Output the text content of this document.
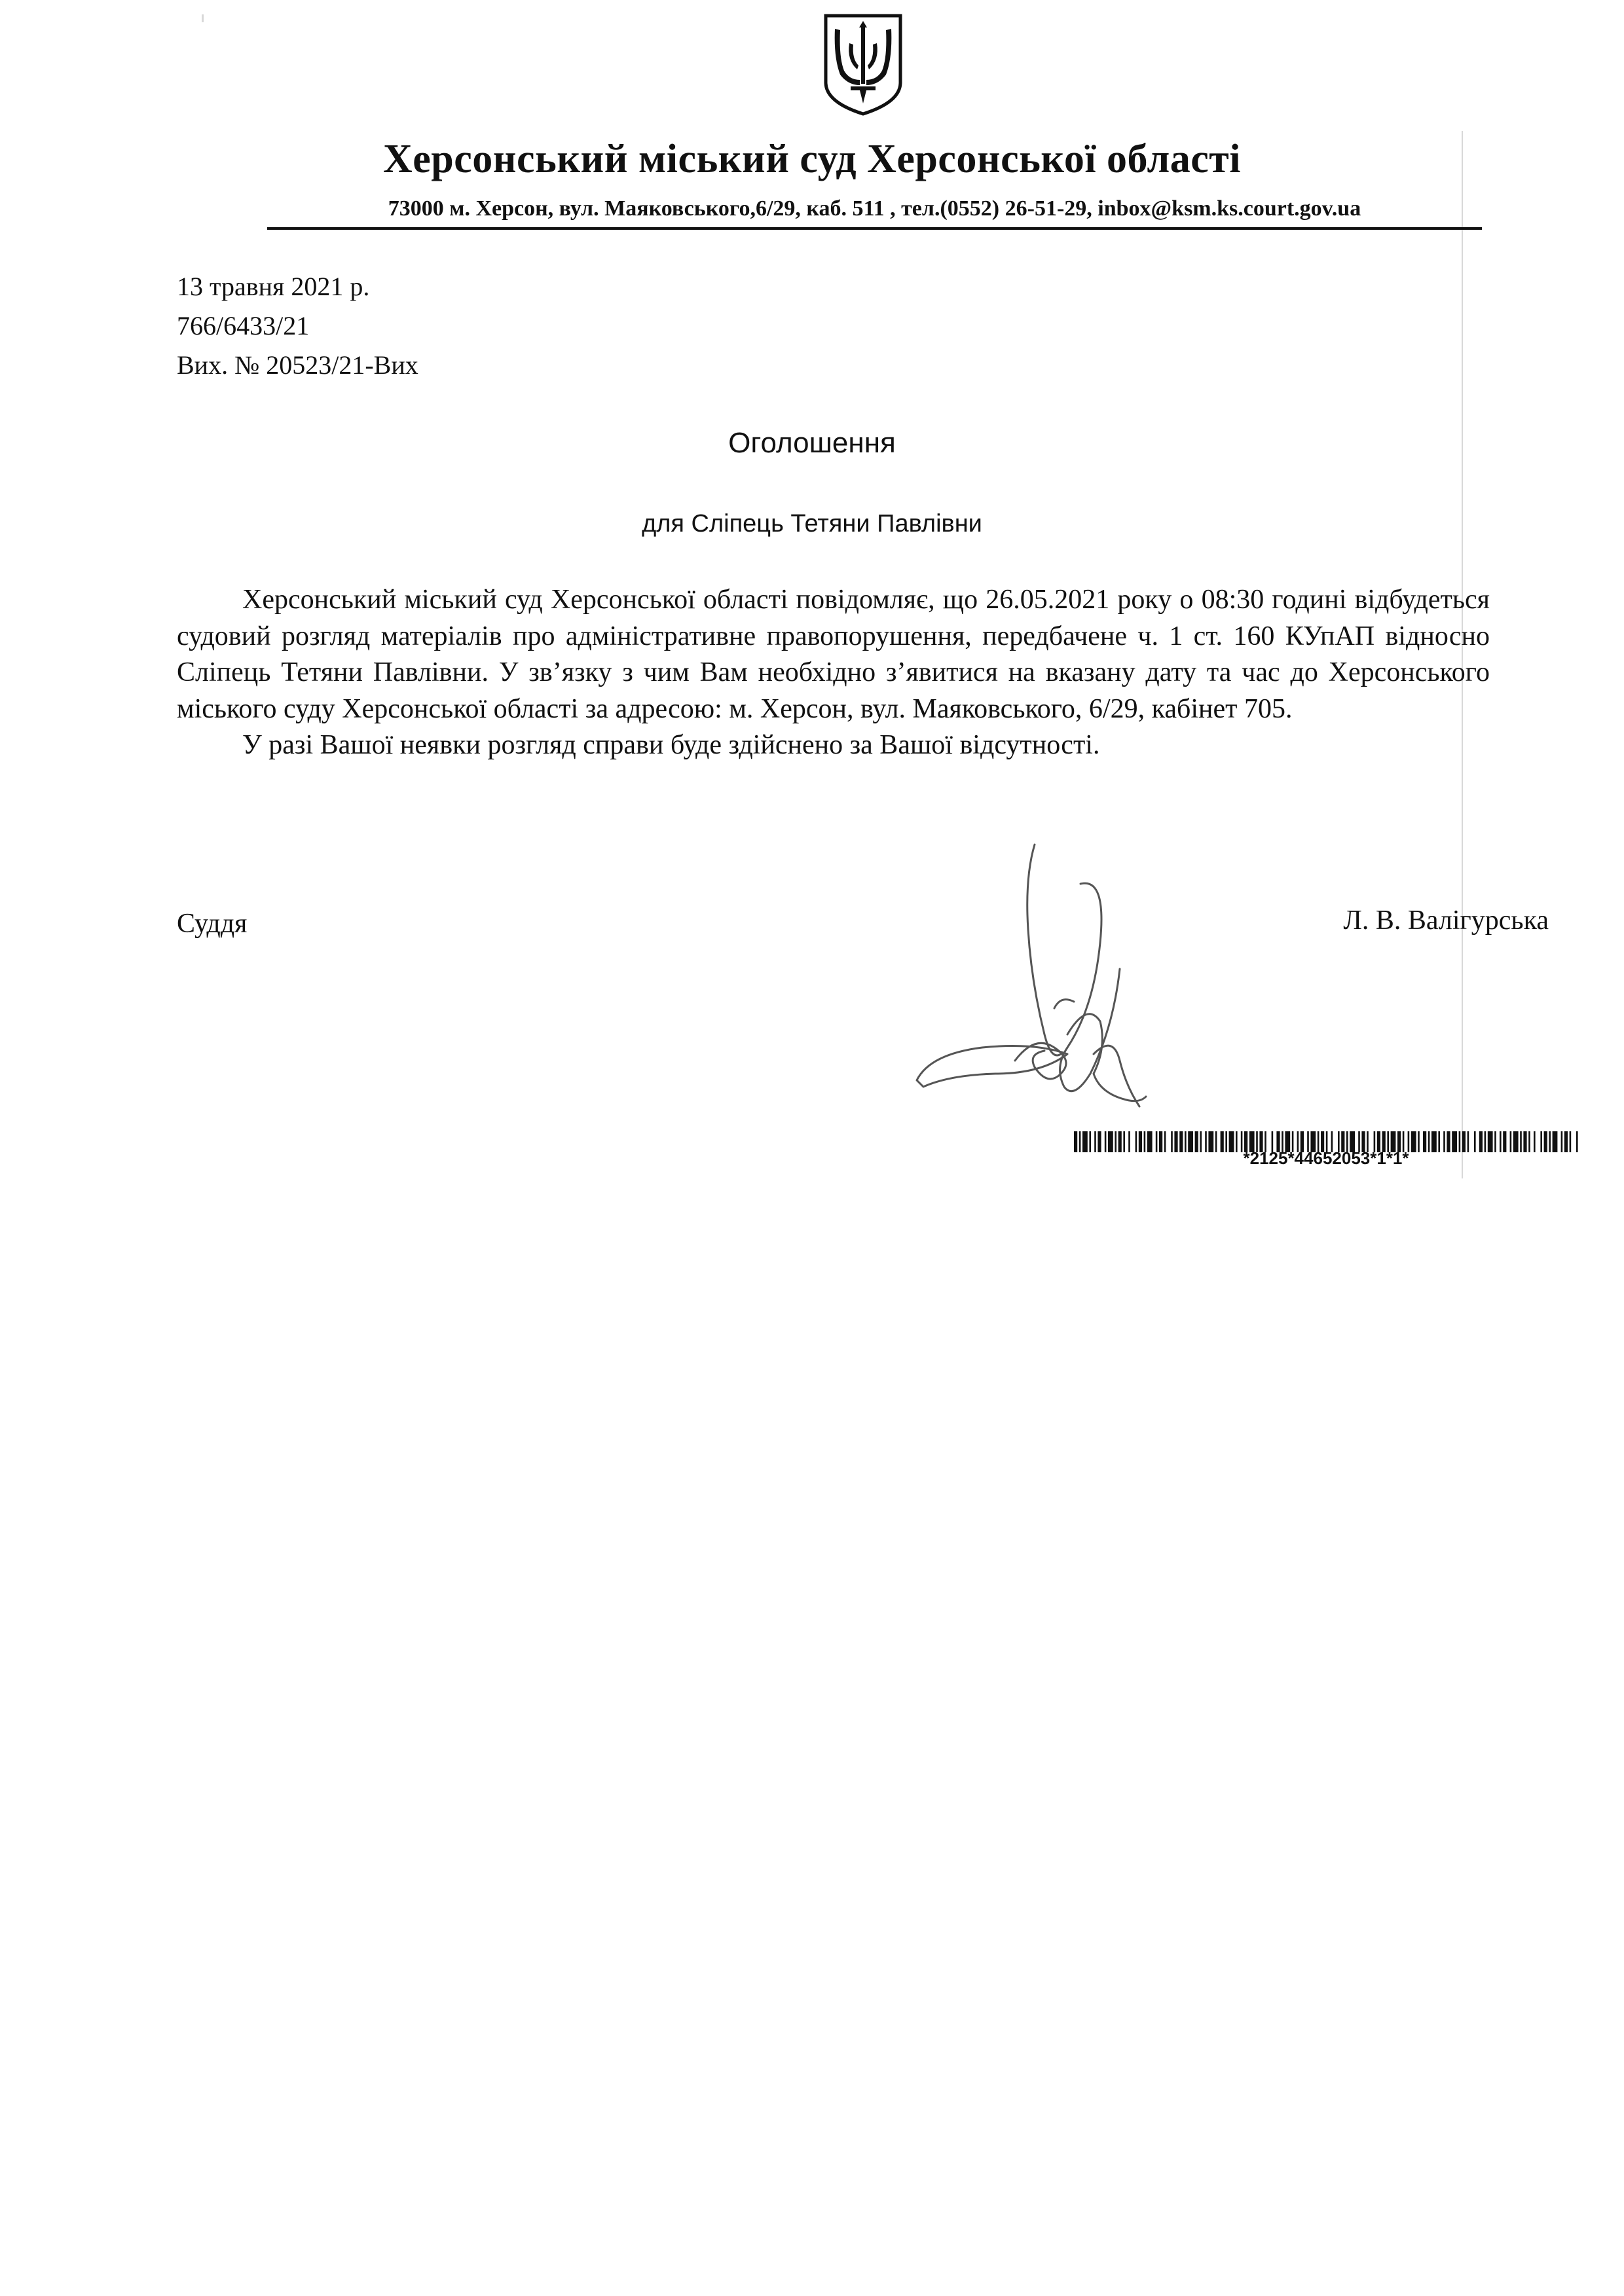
Херсонський міський суд Херсонської області
73000 м. Херсон, вул. Маяковського,6/29, каб. 511 , тел.(0552) 26-51-29, inbox@ksm.ks.court.gov.ua
13 травня 2021 р.
766/6433/21
Вих. № 20523/21-Вих
Оголошення
для Сліпець Тетяни Павлівни

Херсонський міський суд Херсонської області повідомляє, що 26.05.2021 року о 08:30 годині відбудеться судовий розгляд матеріалів про адміністративне правопорушення, передбачене ч. 1 ст. 160 КУпАП відносно Сліпець Тетяни Павлівни. У зв’язку з чим Вам необхідно з’явитися на вказану дату та час до Херсонського міського суду Херсонської області за адресою: м. Херсон, вул. Маяковського, 6/29, кабінет 705.

У разі Вашої неявки розгляд справи буде здійснено за Вашої відсутності.

Суддя	Л. В. Валігурська
*2125*44652053*1*1*
